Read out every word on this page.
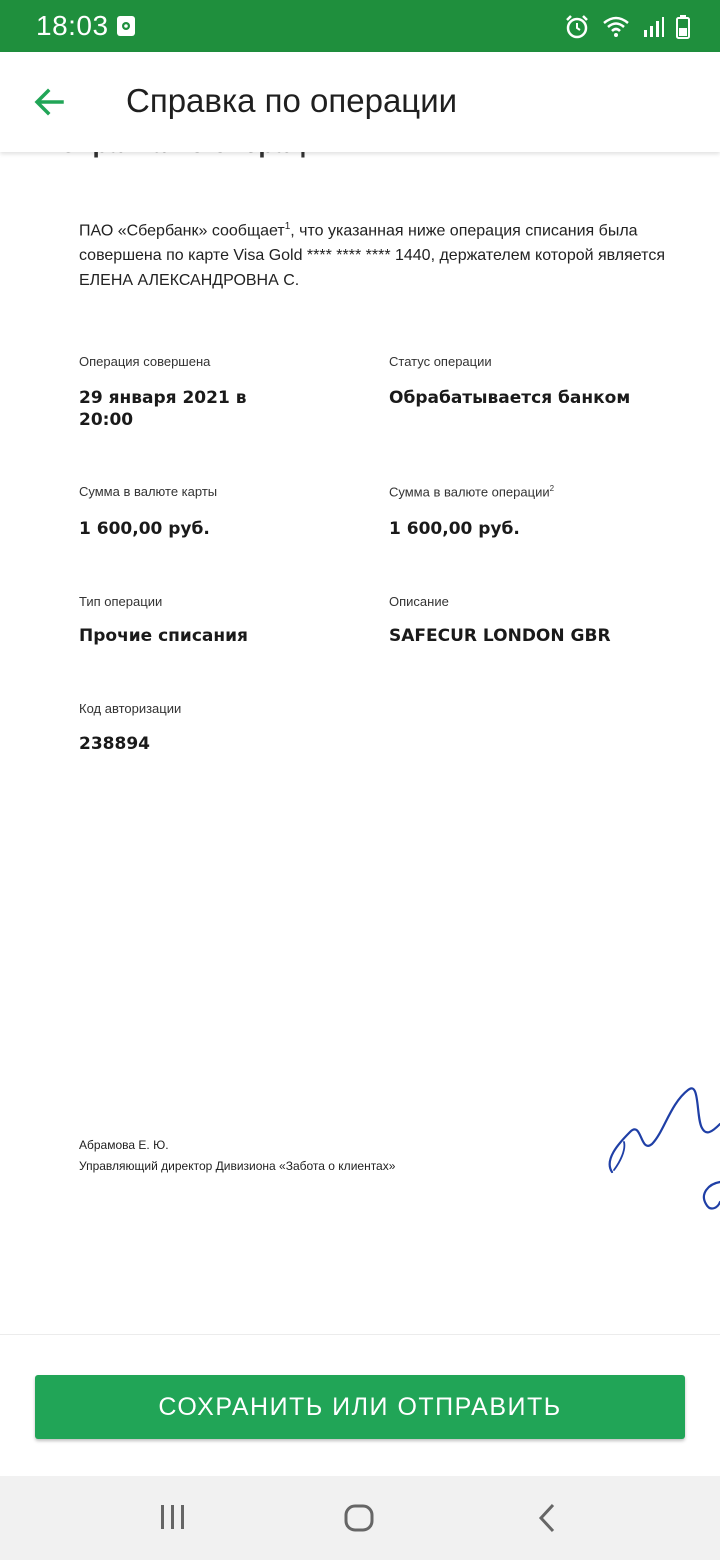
18:03
Справка по операции
ПАО «Сбербанк» сообщает$^1$, что указанная ниже операция списания была совершена по карте Visa Gold **** **** **** 1440, держателем которой является ЕЛЕНА АЛЕКСАНДРОВНА С.
Операция совершена
29 января 2021 в 20:00
Статус операции
Обрабатывается банком
Сумма в валюте карты
1 600,00 руб.
Сумма в валюте операции$^2$
1 600,00 руб.
Тип операции
Прочие списания
Описание
SAFECUR LONDON GBR
Код авторизации
238894
Абрамова Е. Ю.
Управляющий директор Дивизиона «Забота о клиентах»
СОХРАНИТЬ ИЛИ ОТПРАВИТЬ
